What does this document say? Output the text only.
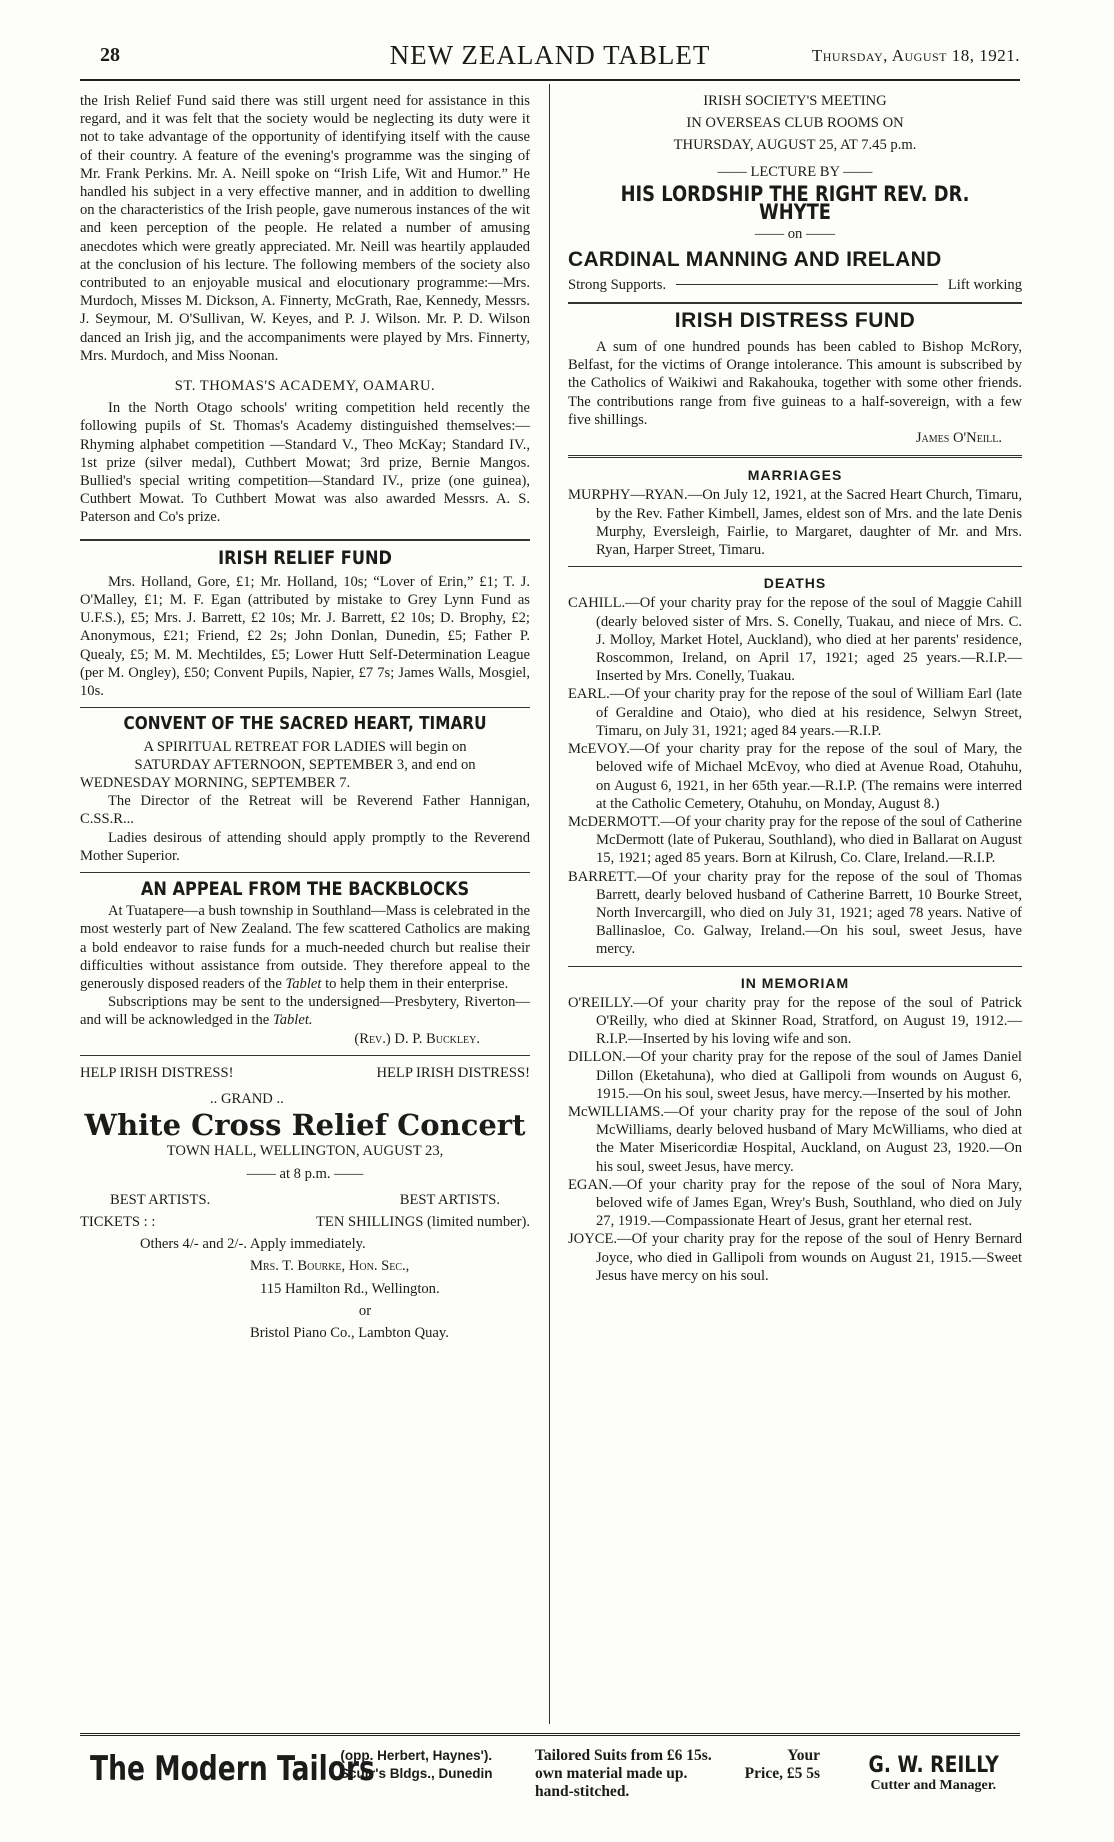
28	NEW ZEALAND TABLET	Thursday, August 18, 1921.

the Irish Relief Fund said there was still urgent need for assistance in this regard, and it was felt that the society would be neglecting its duty were it not to take advantage of the opportunity of identifying itself with the cause of their country. A feature of the evening's programme was the singing of Mr. Frank Perkins. Mr. A. Neill spoke on “Irish Life, Wit and Humor.” He handled his subject in a very effective manner, and in addition to dwelling on the characteristics of the Irish people, gave numerous instances of the wit and keen perception of the people. He related a number of amusing anecdotes which were greatly appreciated. Mr. Neill was heartily applauded at the conclusion of his lecture. The following members of the society also contributed to an enjoyable musical and elocutionary programme:—Mrs. Murdoch, Misses M. Dickson, A. Finnerty, McGrath, Rae, Kennedy, Messrs. J. Seymour, M. O'Sullivan, W. Keyes, and P. J. Wilson. Mr. P. D. Wilson danced an Irish jig, and the accompaniments were played by Mrs. Finnerty, Mrs. Murdoch, and Miss Noonan.

ST. THOMAS'S ACADEMY, OAMARU.

In the North Otago schools' writing competition held recently the following pupils of St. Thomas's Academy distinguished themselves:—Rhyming alphabet competition —Standard V., Theo McKay; Standard IV., 1st prize (silver medal), Cuthbert Mowat; 3rd prize, Bernie Mangos. Bullied's special writing competition—Standard IV., prize (one guinea), Cuthbert Mowat. To Cuthbert Mowat was also awarded Messrs. A. S. Paterson and Co's prize.

IRISH RELIEF FUND

Mrs. Holland, Gore, £1; Mr. Holland, 10s; “Lover of Erin,” £1; T. J. O'Malley, £1; M. F. Egan (attributed by mistake to Grey Lynn Fund as U.F.S.), £5; Mrs. J. Barrett, £2 10s; Mr. J. Barrett, £2 10s; D. Brophy, £2; Anonymous, £21; Friend, £2 2s; John Donlan, Dunedin, £5; Father P. Quealy, £5; M. M. Mechtildes, £5; Lower Hutt Self-Determination League (per M. Ongley), £50; Convent Pupils, Napier, £7 7s; James Walls, Mosgiel, 10s.

CONVENT OF THE SACRED HEART, TIMARU

A SPIRITUAL RETREAT FOR LADIES will begin on

SATURDAY AFTERNOON, SEPTEMBER 3, and end on

WEDNESDAY MORNING, SEPTEMBER 7.

The Director of the Retreat will be Reverend Father Hannigan, C.SS.R...

Ladies desirous of attending should apply promptly to the Reverend Mother Superior.

AN APPEAL FROM THE BACKBLOCKS

At Tuatapere—a bush township in Southland—Mass is celebrated in the most westerly part of New Zealand. The few scattered Catholics are making a bold endeavor to raise funds for a much-needed church but realise their difficulties without assistance from outside. They therefore appeal to the generously disposed readers of the Tablet to help them in their enterprise.

Subscriptions may be sent to the undersigned—Presbytery, Riverton—and will be acknowledged in the Tablet.

(Rev.) D. P. Buckley.

HELP IRISH DISTRESS!	HELP IRISH DISTRESS!

.. GRAND ..

White Cross Relief Concert

TOWN HALL, WELLINGTON, AUGUST 23,

—— at 8 p.m. ——

BEST ARTISTS.	BEST ARTISTS.
TICKETS : :	TEN SHILLINGS (limited number).

Others 4/- and 2/-. Apply immediately.

Mrs. T. Bourke, Hon. Sec.,

115 Hamilton Rd., Wellington.

or

Bristol Piano Co., Lambton Quay.

IRISH SOCIETY'S MEETING

IN OVERSEAS CLUB ROOMS ON

THURSDAY, AUGUST 25, AT 7.45 p.m.

—— LECTURE BY ——

HIS LORDSHIP THE RIGHT REV. DR. WHYTE

—— on ——

CARDINAL MANNING AND IRELAND
Strong Supports.	Lift working
IRISH DISTRESS FUND

A sum of one hundred pounds has been cabled to Bishop McRory, Belfast, for the victims of Orange intolerance. This amount is subscribed by the Catholics of Waikiwi and Rakahouka, together with some other friends. The contributions range from five guineas to a half-sovereign, with a few five shillings.

James O'Neill.

MARRIAGES

MURPHY—RYAN.—On July 12, 1921, at the Sacred Heart Church, Timaru, by the Rev. Father Kimbell, James, eldest son of Mrs. and the late Denis Murphy, Eversleigh, Fairlie, to Margaret, daughter of Mr. and Mrs. Ryan, Harper Street, Timaru.

DEATHS

CAHILL.—Of your charity pray for the repose of the soul of Maggie Cahill (dearly beloved sister of Mrs. S. Conelly, Tuakau, and niece of Mrs. C. J. Molloy, Market Hotel, Auckland), who died at her parents' residence, Roscommon, Ireland, on April 17, 1921; aged 25 years.—R.I.P.—Inserted by Mrs. Conelly, Tuakau.

EARL.—Of your charity pray for the repose of the soul of William Earl (late of Geraldine and Otaio), who died at his residence, Selwyn Street, Timaru, on July 31, 1921; aged 84 years.—R.I.P.

McEVOY.—Of your charity pray for the repose of the soul of Mary, the beloved wife of Michael McEvoy, who died at Avenue Road, Otahuhu, on August 6, 1921, in her 65th year.—R.I.P. (The remains were interred at the Catholic Cemetery, Otahuhu, on Monday, August 8.)

McDERMOTT.—Of your charity pray for the repose of the soul of Catherine McDermott (late of Pukerau, Southland), who died in Ballarat on August 15, 1921; aged 85 years. Born at Kilrush, Co. Clare, Ireland.—R.I.P.

BARRETT.—Of your charity pray for the repose of the soul of Thomas Barrett, dearly beloved husband of Catherine Barrett, 10 Bourke Street, North Invercargill, who died on July 31, 1921; aged 78 years. Native of Ballinasloe, Co. Galway, Ireland.—On his soul, sweet Jesus, have mercy.

IN MEMORIAM

O'REILLY.—Of your charity pray for the repose of the soul of Patrick O'Reilly, who died at Skinner Road, Stratford, on August 19, 1912.—R.I.P.—Inserted by his loving wife and son.

DILLON.—Of your charity pray for the repose of the soul of James Daniel Dillon (Eketahuna), who died at Gallipoli from wounds on August 6, 1915.—On his soul, sweet Jesus, have mercy.—Inserted by his mother.

McWILLIAMS.—Of your charity pray for the repose of the soul of John McWilliams, dearly beloved husband of Mary McWilliams, who died at the Mater Misericordiæ Hospital, Auckland, on August 23, 1920.—On his soul, sweet Jesus, have mercy.

EGAN.—Of your charity pray for the repose of the soul of Nora Mary, beloved wife of James Egan, Wrey's Bush, Southland, who died on July 27, 1919.—Compassionate Heart of Jesus, grant her eternal rest.

JOYCE.—Of your charity pray for the repose of the soul of Henry Bernard Joyce, who died in Gallipoli from wounds on August 21, 1915.—Sweet Jesus have mercy on his soul.

The Modern Tailors
(opp. Herbert, Haynes').
Scurr's Bldgs., Dunedin
Tailored Suits from £6 15s.	Your
own material made up.	Price, £5 5s
hand-stitched.
G. W. REILLY
Cutter and Manager.
